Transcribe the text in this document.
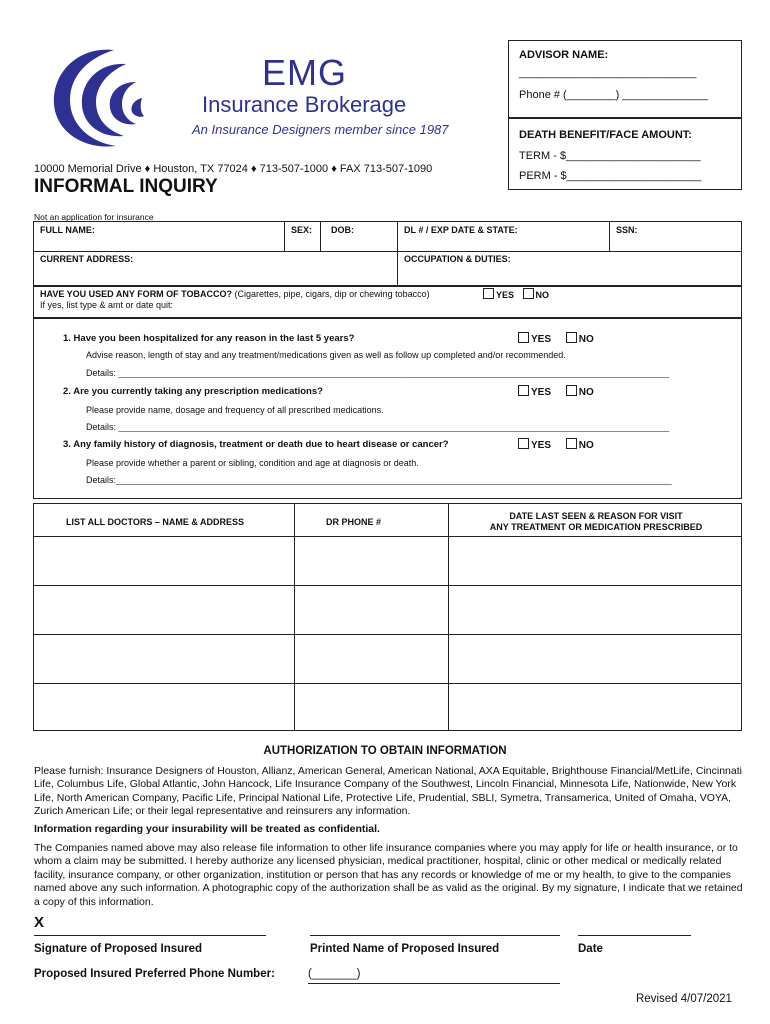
EMG
Insurance Brokerage
An Insurance Designers member since 1987
10000 Memorial Drive ♦ Houston, TX 77024 ♦ 713-507-1000 ♦ FAX 713-507-1090
INFORMAL INQUIRY
Not an application for insurance
ADVISOR NAME:
_____________________________
Phone # (________) ______________
DEATH BENEFIT/FACE AMOUNT:
TERM - $______________________
PERM - $______________________
FULL NAME:	SEX: DOB:	DL # / EXP DATE & STATE:	SSN:
CURRENT ADDRESS:	OCCUPATION & DUTIES:
HAVE YOU USED ANY FORM OF TOBACCO? (Cigarettes, pipe, cigars, dip or chewing tobacco)	YES NO
If yes, list type & amt or date quit:
1. Have you been hospitalized for any reason in the last 5 years?	YES	NO
Advise reason, length of stay and any treatment/medications given as well as follow up completed and/or recommended.
Details: ______________________________________________________________________________________________________________
2. Are you currently taking any prescription medications?	YES	NO
Please provide name, dosage and frequency of all prescribed medications.
Details: ______________________________________________________________________________________________________________
3. Any family history of diagnosis, treatment or death due to heart disease or cancer?	YES	NO
Please provide whether a parent or sibling, condition and age at diagnosis or death.
Details:_______________________________________________________________________________________________________________
LIST ALL DOCTORS – NAME & ADDRESS	DR PHONE #
DATE LAST SEEN & REASON FOR VISIT
ANY TREATMENT OR MEDICATION PRESCRIBED
AUTHORIZATION TO OBTAIN INFORMATION
Please furnish: Insurance Designers of Houston, Allianz, American General, American National, AXA Equitable, Brighthouse Financial/MetLife, Cincinnati Life, Columbus Life, Global Atlantic, John Hancock, Life Insurance Company of the Southwest, Lincoln Financial, Minnesota Life, Nationwide, New York Life, North American Company, Pacific Life, Principal National Life, Protective Life, Prudential, SBLI, Symetra, Transamerica, United of Omaha, VOYA, Zurich American Life; or their legal representative and reinsurers any information.
Information regarding your insurability will be treated as confidential.
The Companies named above may also release file information to other life insurance companies where you may apply for life or health insurance, or to whom a claim may be submitted. I hereby authorize any licensed physician, medical practitioner, hospital, clinic or other medical or medically related facility, insurance company, or other organization, institution or person that has any records or knowledge of me or my health, to give to the companies named above any such information. A photographic copy of the authorization shall be as valid as the original. By my signature, I indicate that we retained a copy of this information.
X
Signature of Proposed Insured	Printed Name of Proposed Insured	Date
Proposed Insured Preferred Phone Number:	(_______)
Revised 4/07/2021
